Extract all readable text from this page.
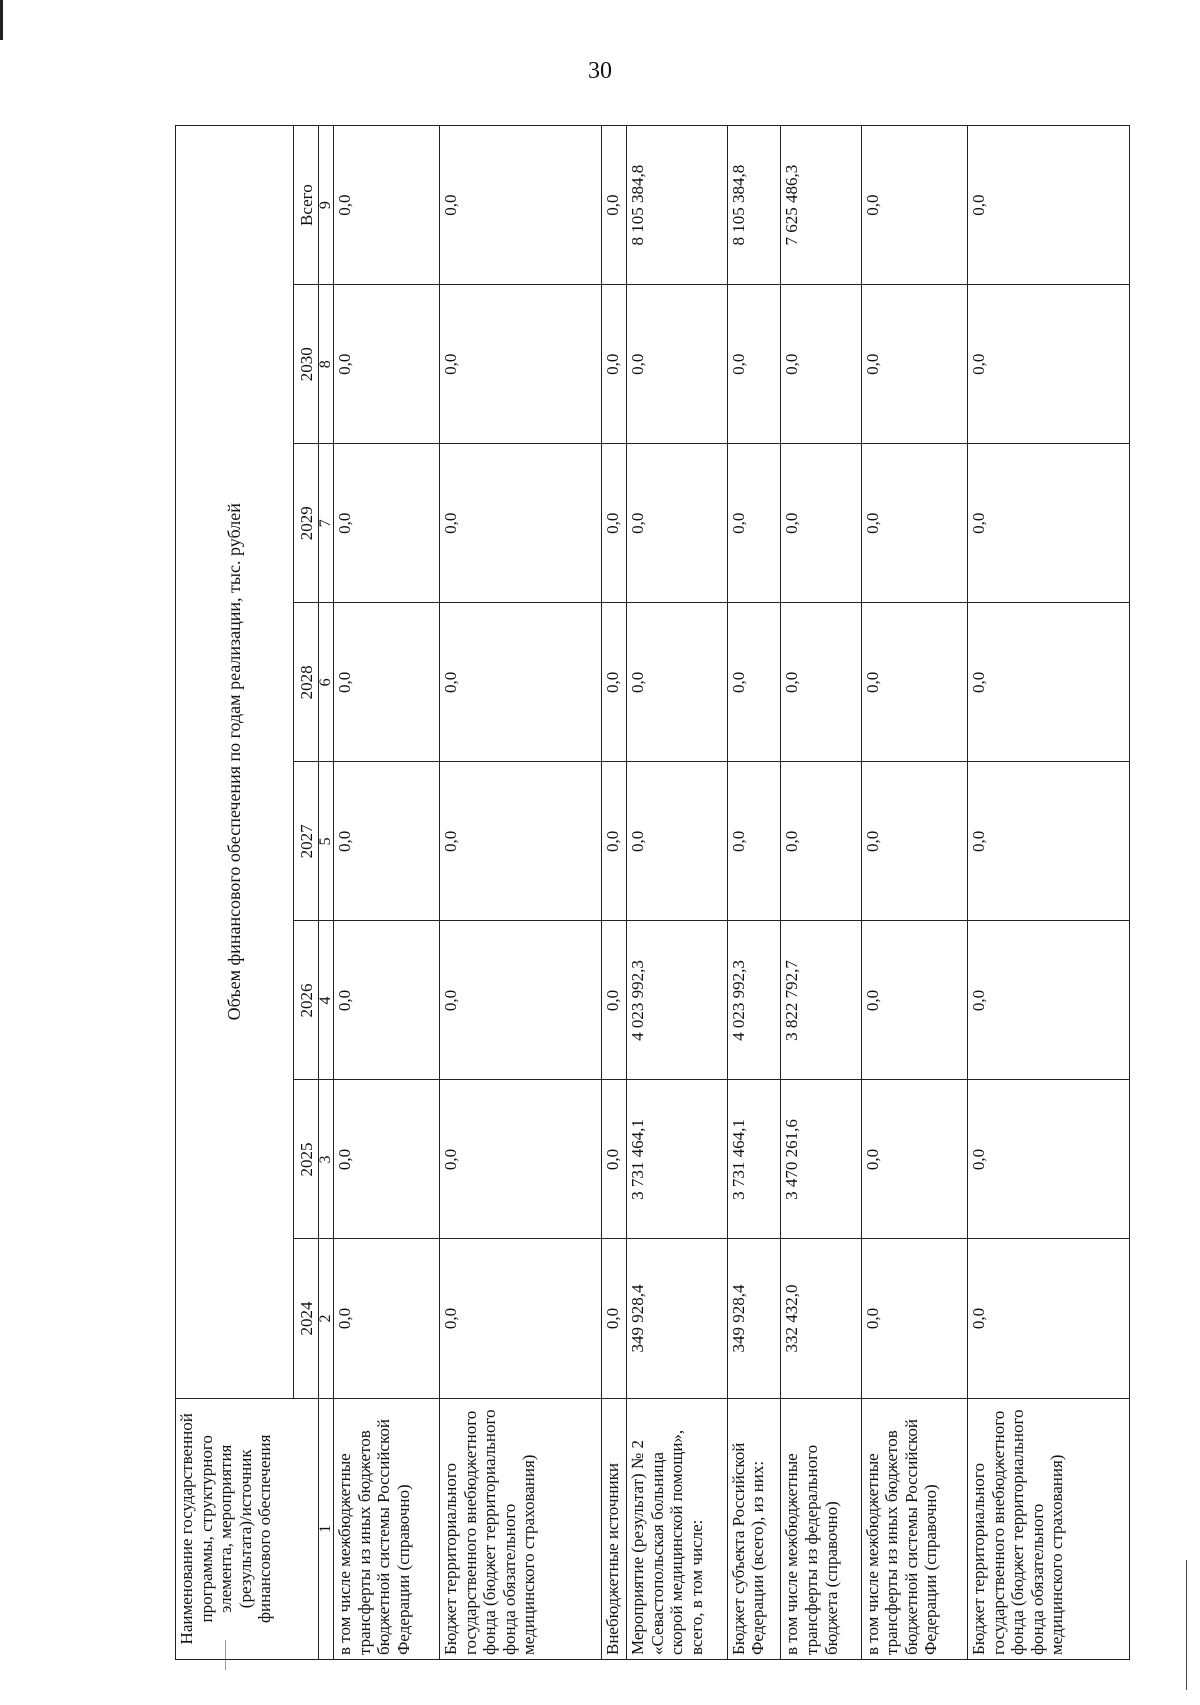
30
Наименование государственной программы, структурного элемента, мероприятия (результата)/источник финансового обеспечения	Объем финансового обеспечения по годам реализации, тыс. рублей							
	2024	2025	2026	2027	2028	2029	2030	Всего
1	2	3	4	5	6	7	8	9
в том числе межбюджетные трансферты из иных бюджетов бюджетной системы Российской Федерации (справочно)	0,0	0,0	0,0	0,0	0,0	0,0	0,0	0,0
Бюджет территориального государственного внебюджетного фонда (бюджет территориального фонда обязательного медицинского страхования)	0,0	0,0	0,0	0,0	0,0	0,0	0,0	0,0
Внебюджетные источники	0,0	0,0	0,0	0,0	0,0	0,0	0,0	0,0
Мероприятие (результат) № 2 «Севастопольская больница скорой медицинской помощи», всего, в том числе:	349 928,4	3 731 464,1	4 023 992,3	0,0	0,0	0,0	0,0	8 105 384,8
Бюджет субъекта Российской Федерации (всего), из них:	349 928,4	3 731 464,1	4 023 992,3	0,0	0,0	0,0	0,0	8 105 384,8
в том числе межбюджетные трансферты из федерального бюджета (справочно)	332 432,0	3 470 261,6	3 822 792,7	0,0	0,0	0,0	0,0	7 625 486,3
в том числе межбюджетные трансферты из иных бюджетов бюджетной системы Российской Федерации (справочно)	0,0	0,0	0,0	0,0	0,0	0,0	0,0	0,0
Бюджет территориального государственного внебюджетного фонда (бюджет территориального фонда обязательного медицинского страхования)	0,0	0,0	0,0	0,0	0,0	0,0	0,0	0,0
